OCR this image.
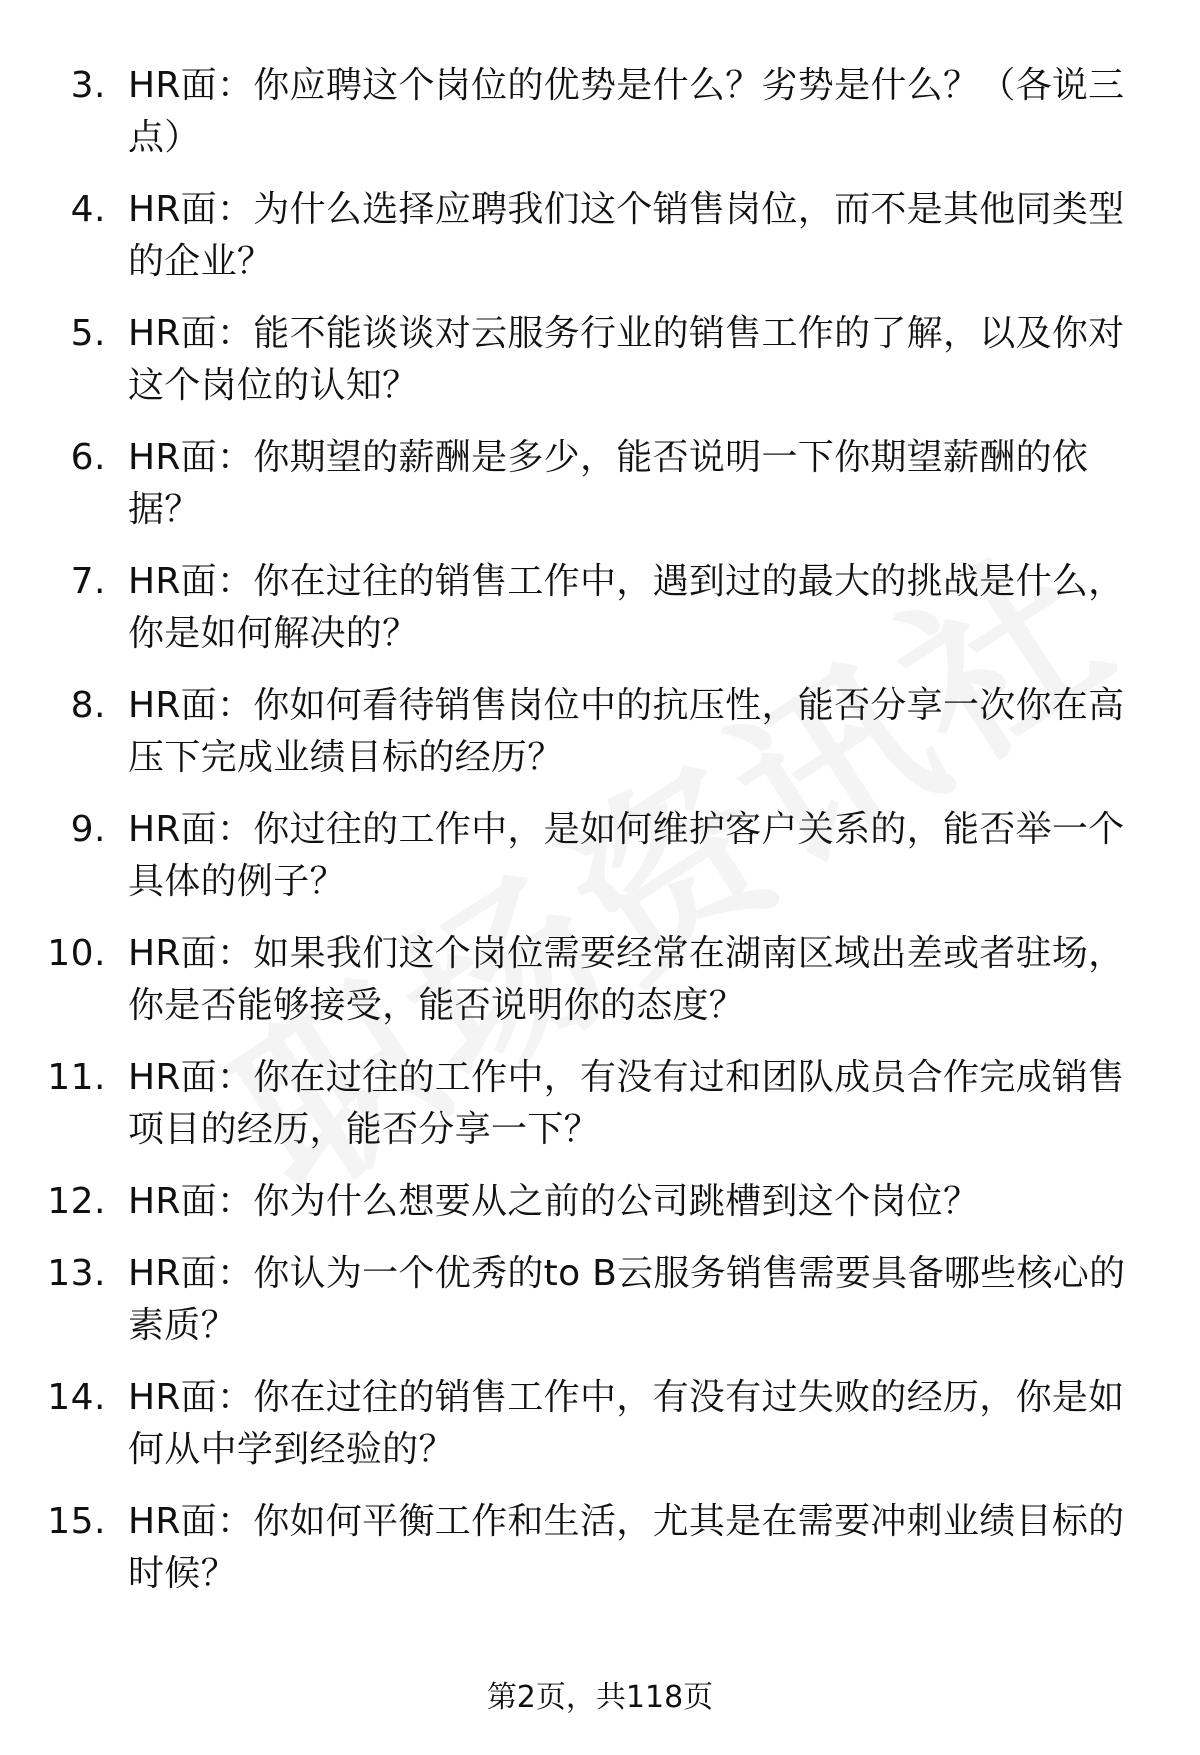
3. HR面：你应聘这个岗位的优势是什么？劣势是什么？（各说三点）
4. HR面：为什么选择应聘我们这个销售岗位，而不是其他同类型的企业？
5. HR面：能不能谈谈对云服务行业的销售工作的了解，以及你对这个岗位的认知？
6. HR面：你期望的薪酬是多少，能否说明一下你期望薪酬的依据？
7. HR面：你在过往的销售工作中，遇到过的最大的挑战是什么，你是如何解决的？
8. HR面：你如何看待销售岗位中的抗压性，能否分享一次你在高压下完成业绩目标的经历？
9. HR面：你过往的工作中，是如何维护客户关系的，能否举一个具体的例子？
10. HR面：如果我们这个岗位需要经常在湖南区域出差或者驻场，你是否能够接受，能否说明你的态度？
11. HR面：你在过往的工作中，有没有过和团队成员合作完成销售项目的经历，能否分享一下？
12. HR面：你为什么想要从之前的公司跳槽到这个岗位？
13. HR面：你认为一个优秀的to B云服务销售需要具备哪些核心的素质？
14. HR面：你在过往的销售工作中，有没有过失败的经历，你是如何从中学到经验的？
15. HR面：你如何平衡工作和生活，尤其是在需要冲刺业绩目标的时候？
第2页，共118页
